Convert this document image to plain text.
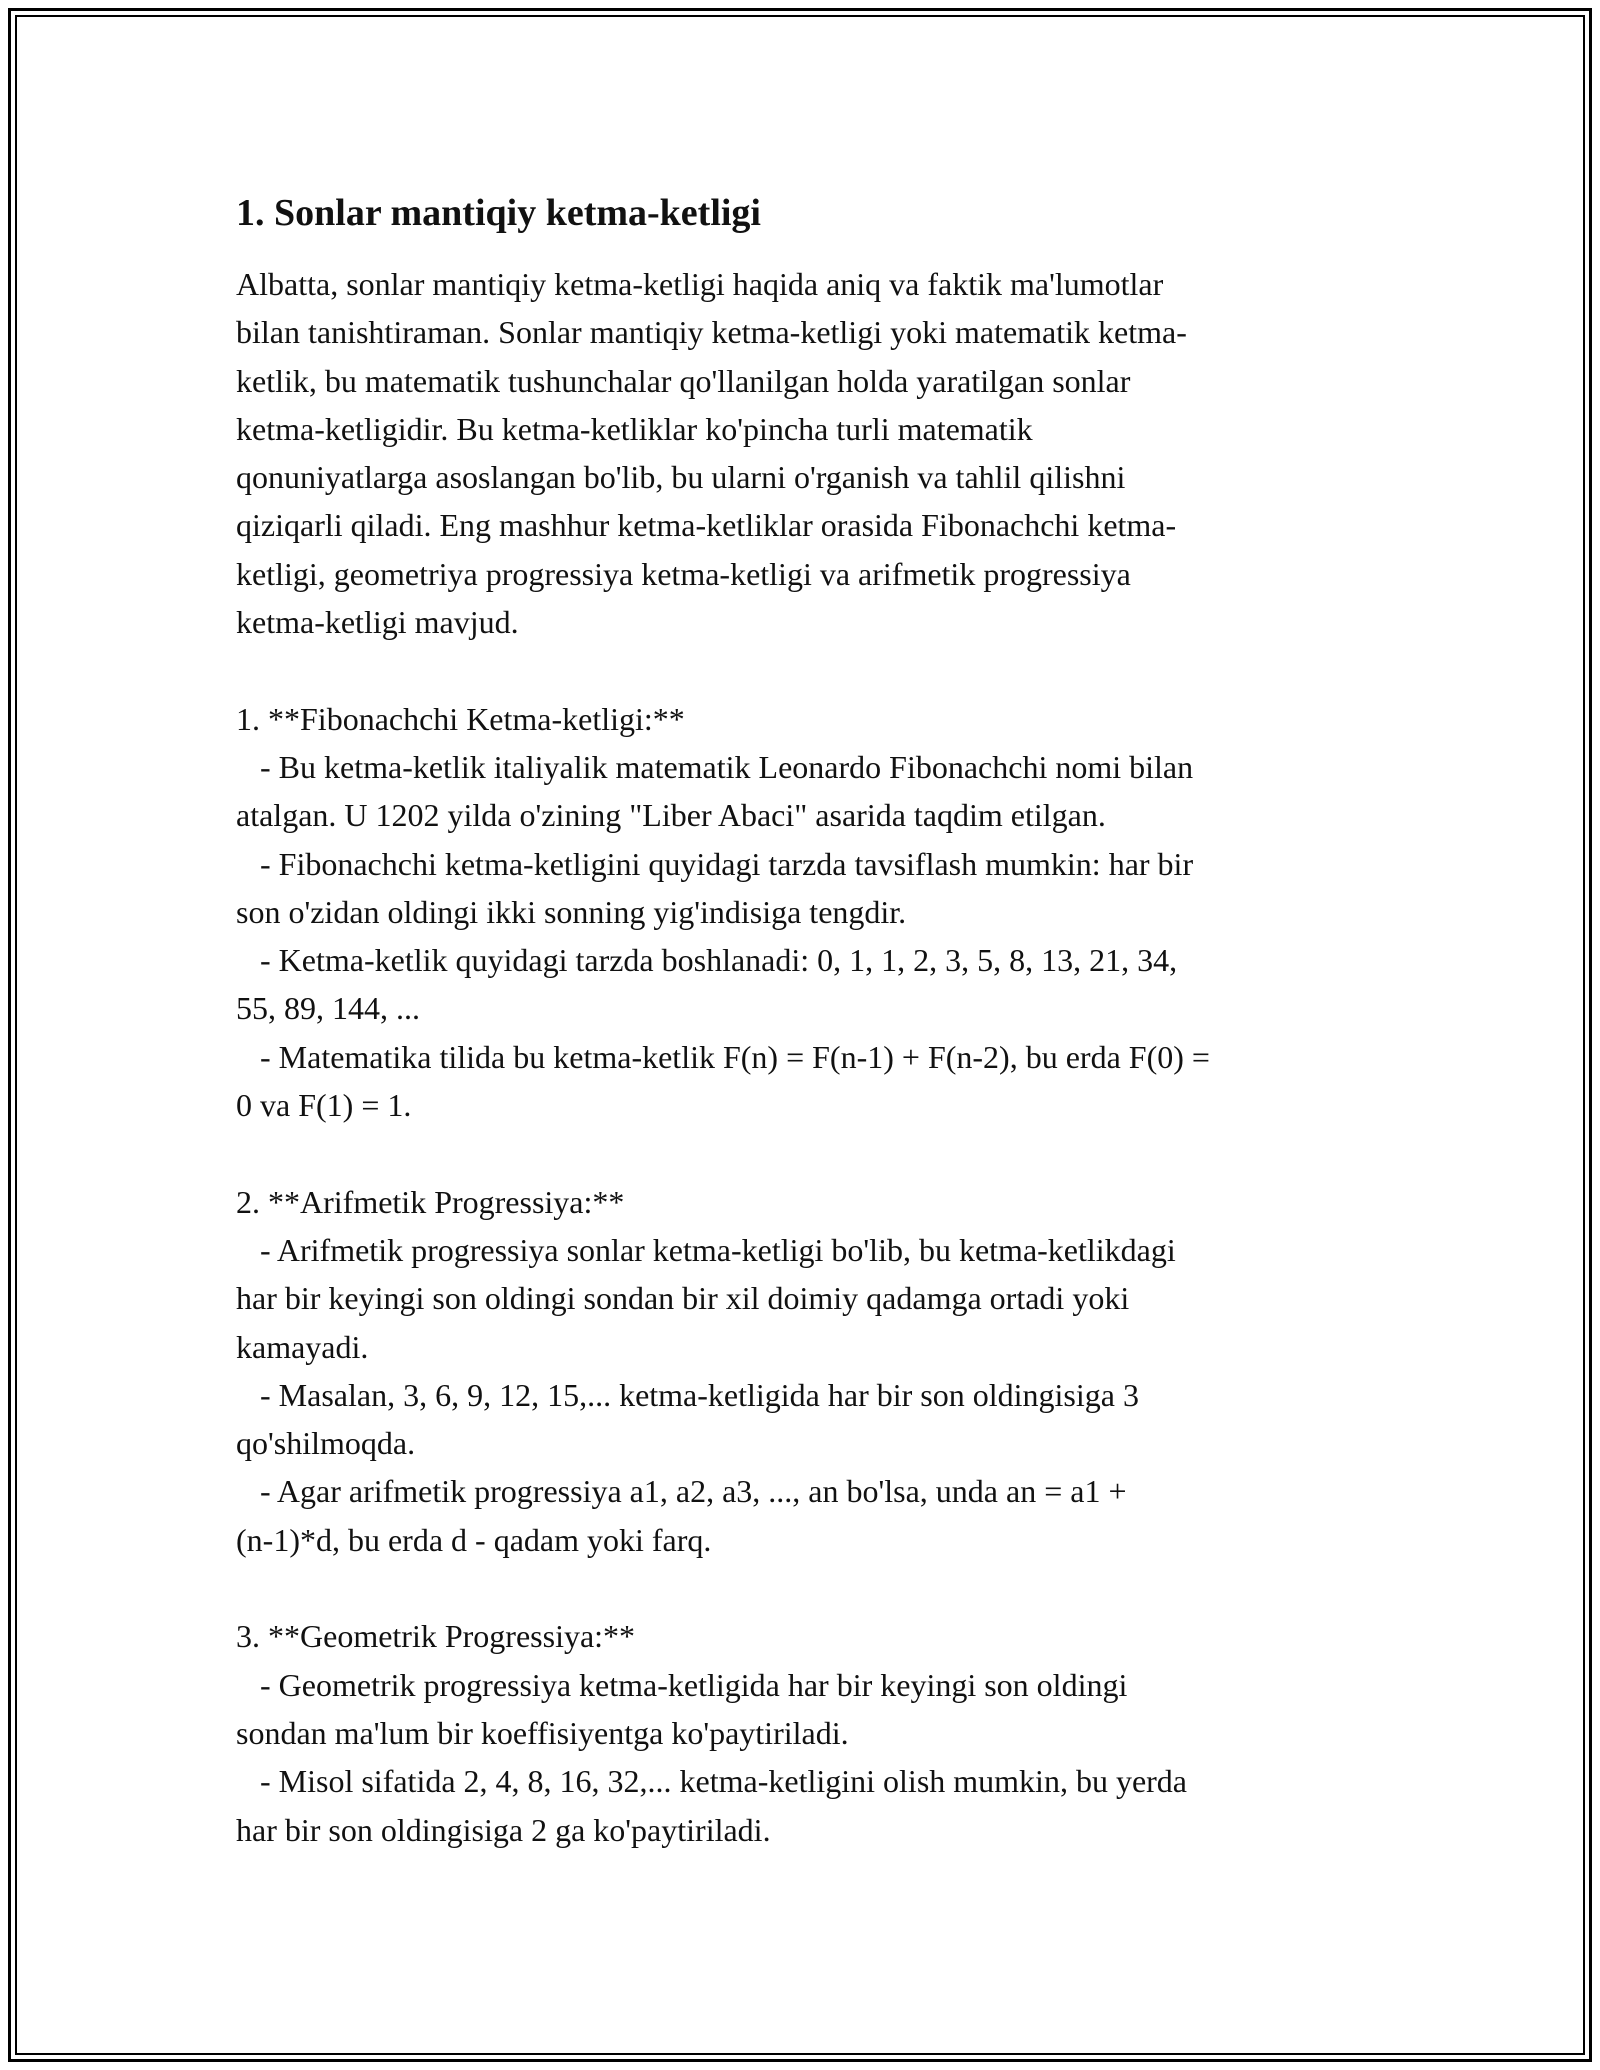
1. Sonlar mantiqiy ketma-ketligi

Albatta, sonlar mantiqiy ketma-ketligi haqida aniq va faktik ma'lumotlar
bilan tanishtiraman. Sonlar mantiqiy ketma-ketligi yoki matematik ketma-
ketlik, bu matematik tushunchalar qo'llanilgan holda yaratilgan sonlar
ketma-ketligidir. Bu ketma-ketliklar ko'pincha turli matematik
qonuniyatlarga asoslangan bo'lib, bu ularni o'rganish va tahlil qilishni
qiziqarli qiladi. Eng mashhur ketma-ketliklar orasida Fibonachchi ketma-
ketligi, geometriya progressiya ketma-ketligi va arifmetik progressiya
ketma-ketligi mavjud.

1. **Fibonachchi Ketma-ketligi:**
- Bu ketma-ketlik italiyalik matematik Leonardo Fibonachchi nomi bilan
atalgan. U 1202 yilda o'zining "Liber Abaci" asarida taqdim etilgan.
- Fibonachchi ketma-ketligini quyidagi tarzda tavsiflash mumkin: har bir
son o'zidan oldingi ikki sonning yig'indisiga tengdir.
- Ketma-ketlik quyidagi tarzda boshlanadi: 0, 1, 1, 2, 3, 5, 8, 13, 21, 34,
55, 89, 144, ...
- Matematika tilida bu ketma-ketlik F(n) = F(n-1) + F(n-2), bu erda F(0) =
0 va F(1) = 1.

2. **Arifmetik Progressiya:**
- Arifmetik progressiya sonlar ketma-ketligi bo'lib, bu ketma-ketlikdagi
har bir keyingi son oldingi sondan bir xil doimiy qadamga ortadi yoki
kamayadi.
- Masalan, 3, 6, 9, 12, 15,... ketma-ketligida har bir son oldingisiga 3
qo'shilmoqda.
- Agar arifmetik progressiya a1, a2, a3, ..., an bo'lsa, unda an = a1 +
(n-1)*d, bu erda d - qadam yoki farq.

3. **Geometrik Progressiya:**
- Geometrik progressiya ketma-ketligida har bir keyingi son oldingi
sondan ma'lum bir koeffisiyentga ko'paytiriladi.
- Misol sifatida 2, 4, 8, 16, 32,... ketma-ketligini olish mumkin, bu yerda
har bir son oldingisiga 2 ga ko'paytiriladi.
